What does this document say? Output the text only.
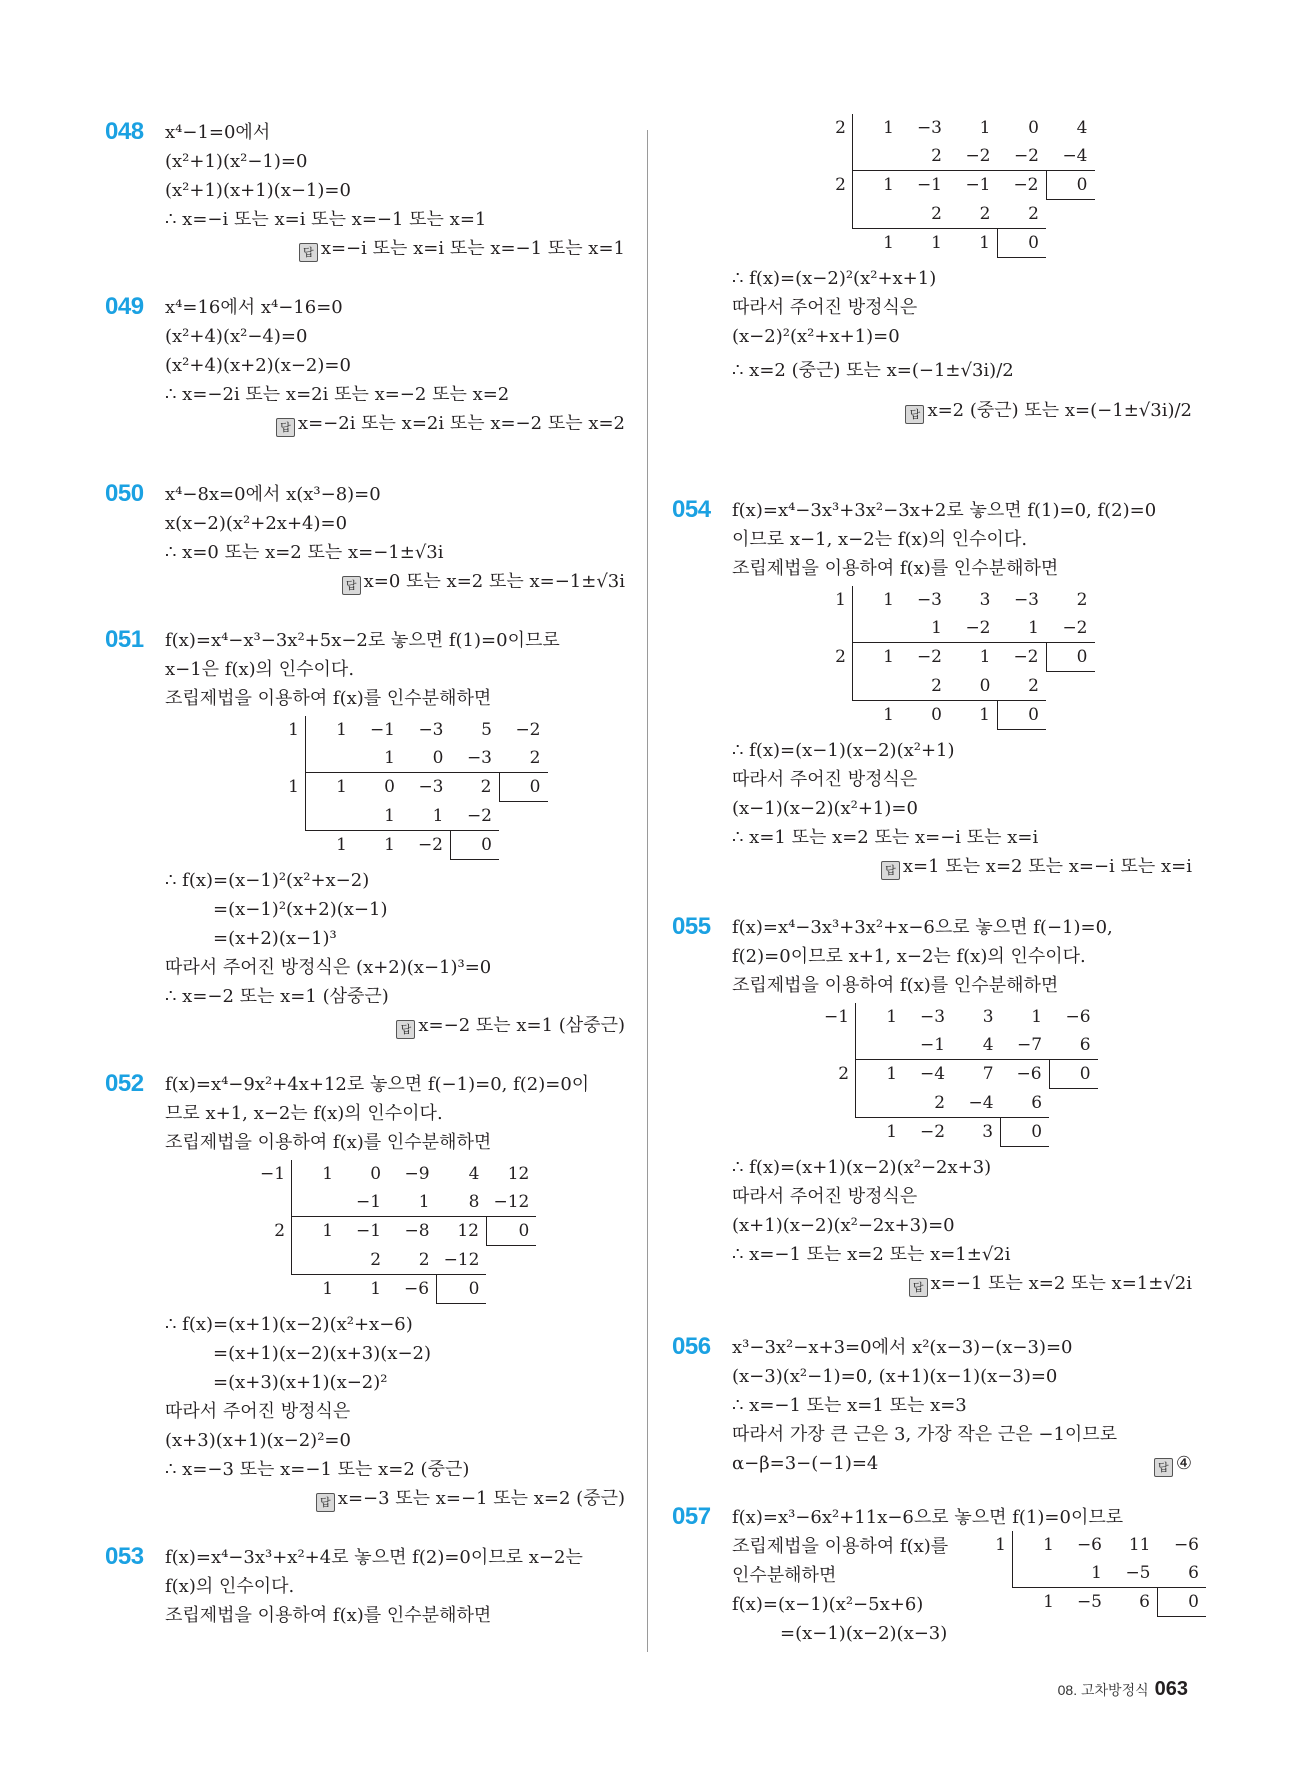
048 x⁴−1=0에서
(x²+1)(x²−1)=0
(x²+1)(x+1)(x−1)=0
∴ x=−i 또는 x=i 또는 x=−1 또는 x=1
답 x=−i 또는 x=i 또는 x=−1 또는 x=1
049 x⁴=16에서 x⁴−16=0
(x²+4)(x²−4)=0
(x²+4)(x+2)(x−2)=0
∴ x=−2i 또는 x=2i 또는 x=−2 또는 x=2
답 x=−2i 또는 x=2i 또는 x=−2 또는 x=2
050 x⁴−8x=0에서 x(x³−8)=0
x(x−2)(x²+2x+4)=0
∴ x=0 또는 x=2 또는 x=−1±√3i
답 x=0 또는 x=2 또는 x=−1±√3i
051 f(x)=x⁴−x³−3x²+5x−2로 놓으면 f(1)=0이므로
x−1은 f(x)의 인수이다.
조립제법을 이용하여 f(x)를 인수분해하면
1	1	−1	−3	5	−2
		1	0	−3	2
1	1	0	−3	2	0
		1	1	−2	
	1	1	−2	0	
∴ f(x)=(x−1)²(x²+x−2)
=(x−1)²(x+2)(x−1)
=(x+2)(x−1)³
따라서 주어진 방정식은 (x+2)(x−1)³=0
∴ x=−2 또는 x=1 (삼중근)
답 x=−2 또는 x=1 (삼중근)
052 f(x)=x⁴−9x²+4x+12로 놓으면 f(−1)=0, f(2)=0이
므로 x+1, x−2는 f(x)의 인수이다.
조립제법을 이용하여 f(x)를 인수분해하면
−1	1	0	−9	4	12
		−1	1	8	−12
2	1	−1	−8	12	0
		2	2	−12	
	1	1	−6	0	
∴ f(x)=(x+1)(x−2)(x²+x−6)
=(x+1)(x−2)(x+3)(x−2)
=(x+3)(x+1)(x−2)²
따라서 주어진 방정식은
(x+3)(x+1)(x−2)²=0
∴ x=−3 또는 x=−1 또는 x=2 (중근)
답 x=−3 또는 x=−1 또는 x=2 (중근)
053 f(x)=x⁴−3x³+x²+4로 놓으면 f(2)=0이므로 x−2는
f(x)의 인수이다.
조립제법을 이용하여 f(x)를 인수분해하면
2	1	−3	1	0	4
		2	−2	−2	−4
2	1	−1	−1	−2	0
		2	2	2	
	1	1	1	0	
∴ f(x)=(x−2)²(x²+x+1)
따라서 주어진 방정식은
(x−2)²(x²+x+1)=0
∴ x=2 (중근) 또는 x=(−1±√3i)/2
답 x=2 (중근) 또는 x=(−1±√3i)/2
054 f(x)=x⁴−3x³+3x²−3x+2로 놓으면 f(1)=0, f(2)=0
이므로 x−1, x−2는 f(x)의 인수이다.
조립제법을 이용하여 f(x)를 인수분해하면
1	1	−3	3	−3	2
		1	−2	1	−2
2	1	−2	1	−2	0
		2	0	2	
	1	0	1	0	
∴ f(x)=(x−1)(x−2)(x²+1)
따라서 주어진 방정식은
(x−1)(x−2)(x²+1)=0
∴ x=1 또는 x=2 또는 x=−i 또는 x=i
답 x=1 또는 x=2 또는 x=−i 또는 x=i
055 f(x)=x⁴−3x³+3x²+x−6으로 놓으면 f(−1)=0,
f(2)=0이므로 x+1, x−2는 f(x)의 인수이다.
조립제법을 이용하여 f(x)를 인수분해하면
−1	1	−3	3	1	−6
		−1	4	−7	6
2	1	−4	7	−6	0
		2	−4	6	
	1	−2	3	0	
∴ f(x)=(x+1)(x−2)(x²−2x+3)
따라서 주어진 방정식은
(x+1)(x−2)(x²−2x+3)=0
∴ x=−1 또는 x=2 또는 x=1±√2i
답 x=−1 또는 x=2 또는 x=1±√2i
056 x³−3x²−x+3=0에서 x²(x−3)−(x−3)=0
(x−3)(x²−1)=0, (x+1)(x−1)(x−3)=0
∴ x=−1 또는 x=1 또는 x=3
따라서 가장 큰 근은 3, 가장 작은 근은 −1이므로
α−β=3−(−1)=4	답 ④
057 f(x)=x³−6x²+11x−6으로 놓으면 f(1)=0이므로
조립제법을 이용하여 f(x)를
인수분해하면
f(x)=(x−1)(x²−5x+6)
=(x−1)(x−2)(x−3)
1	1	−6	11	−6
		1	−5	6
	1	−5	6	0
08. 고차방정식 063
